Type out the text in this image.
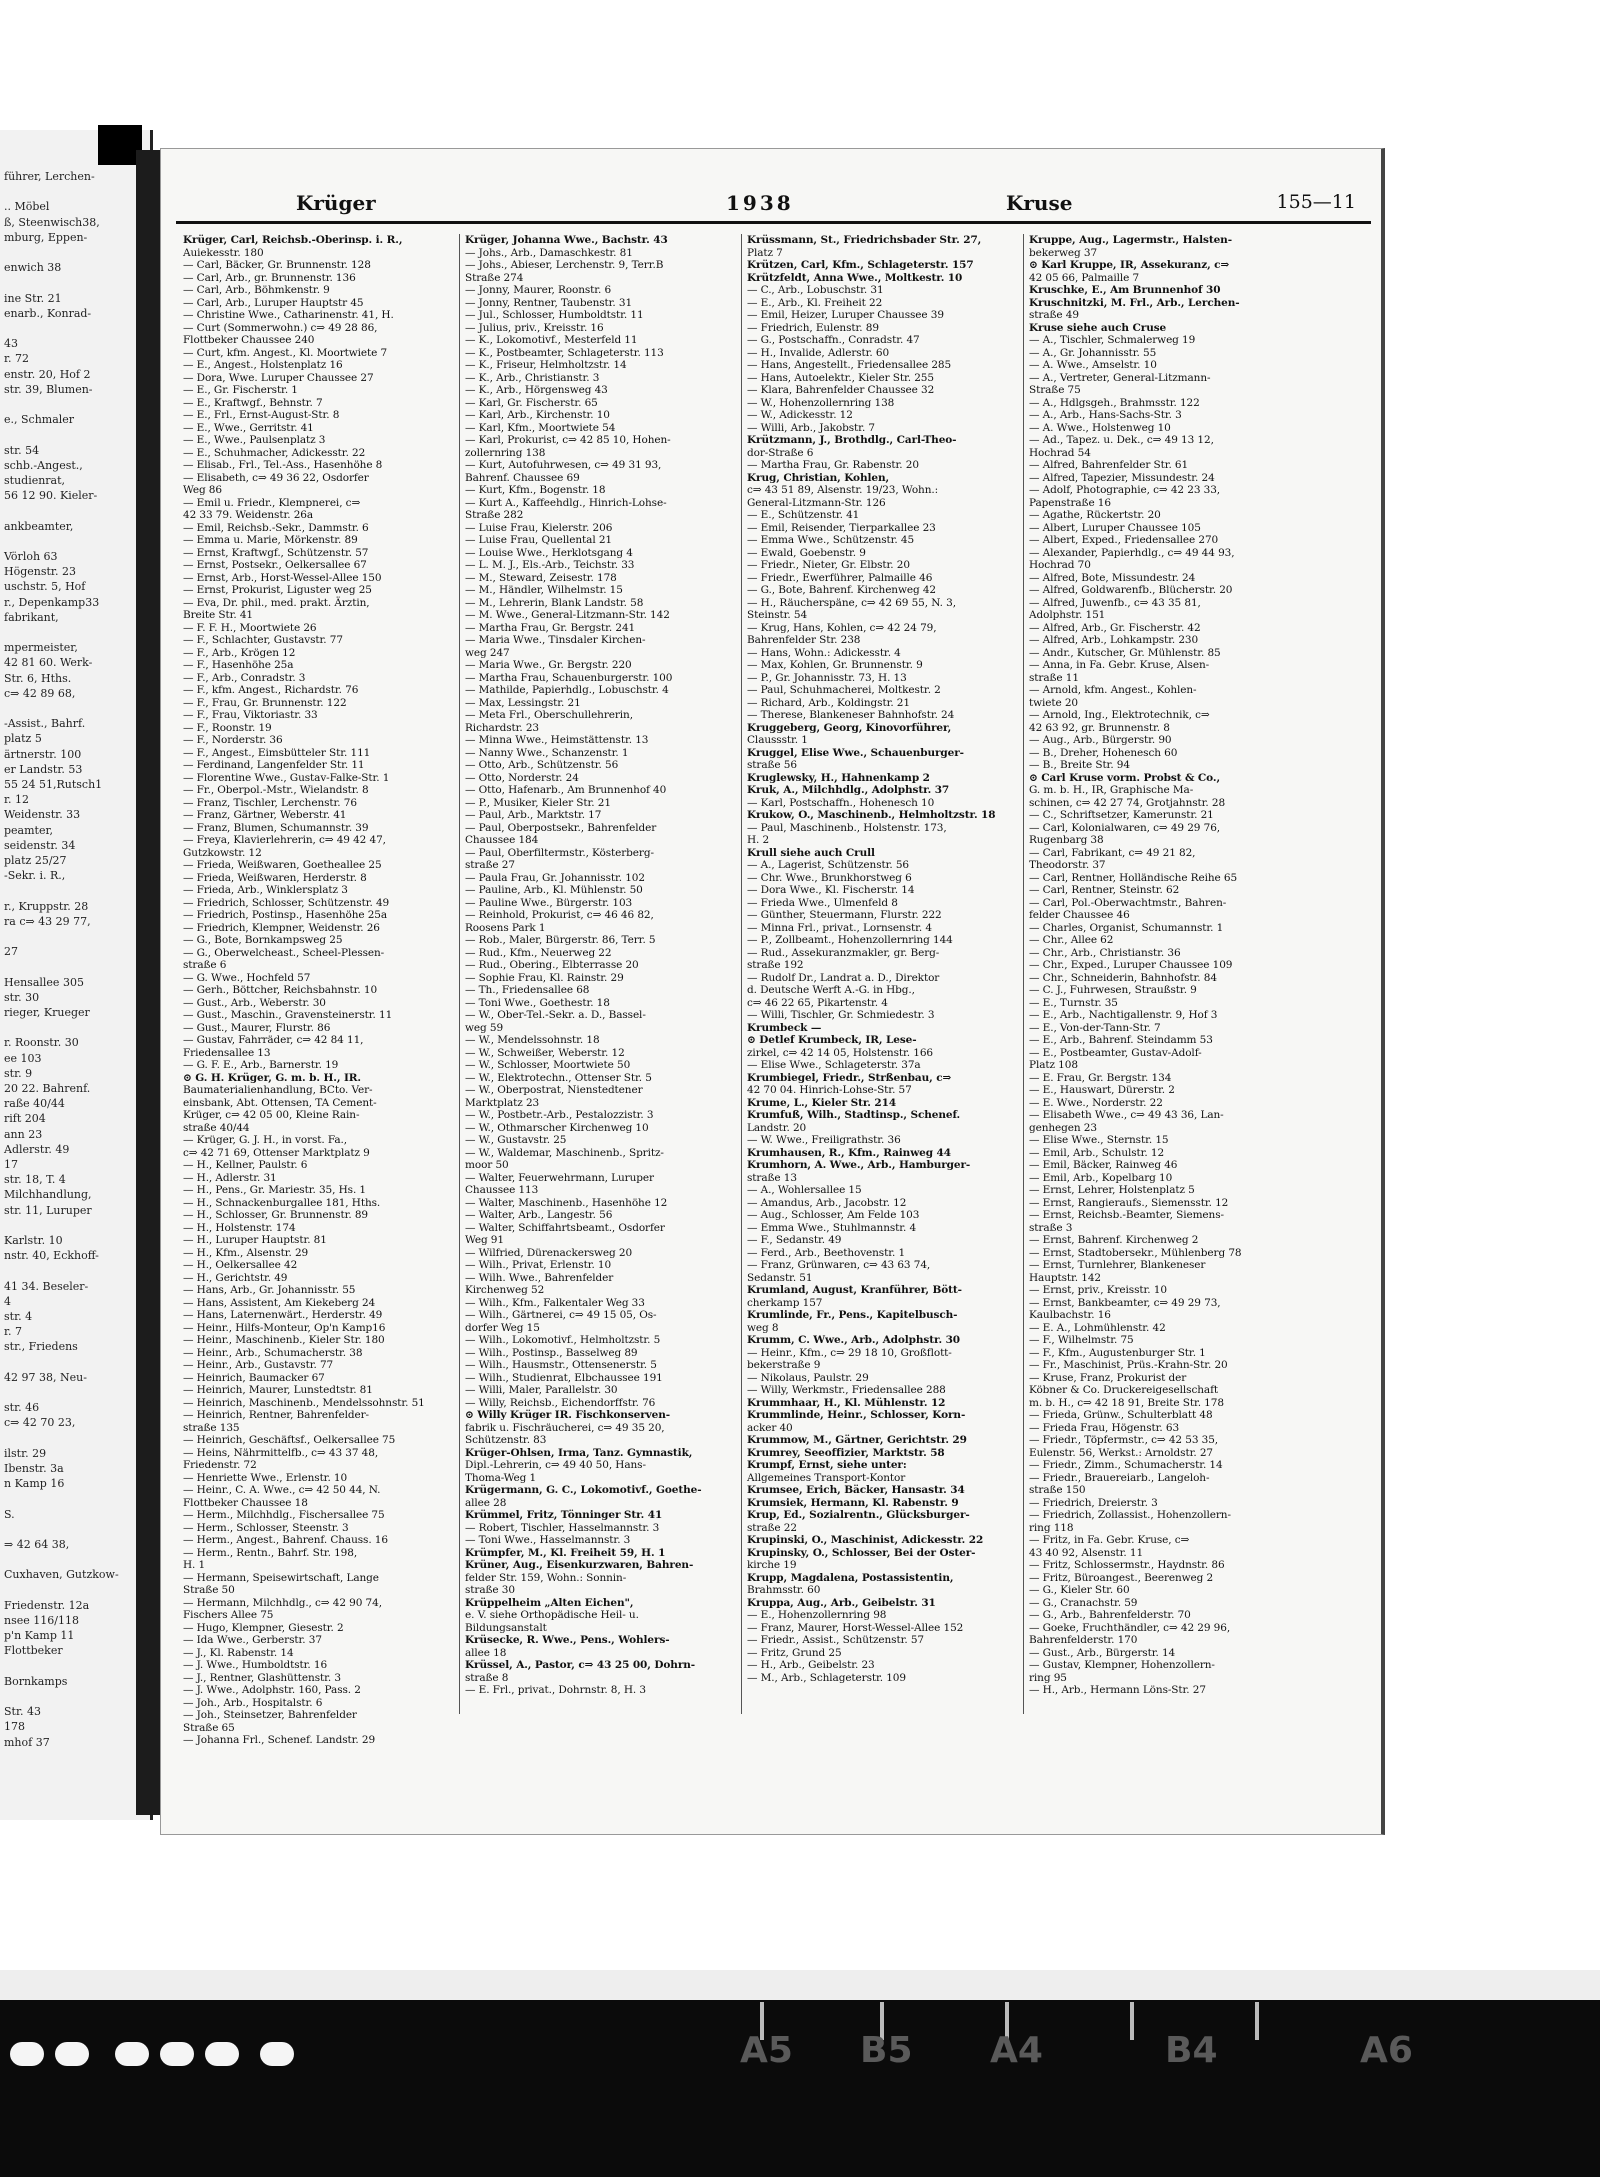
führer, Lerchen-
.. Möbel
ß, Steenwisch38,
mburg, Eppen-
enwich 38
ine Str. 21
enarb., Konrad-
43
r. 72
enstr. 20, Hof 2
str. 39, Blumen-
e., Schmaler
str. 54
schb.-Angest.,
studienrat,
56 12 90. Kieler-
ankbeamter,
Vörloh 63
Högenstr. 23
uschstr. 5, Hof
r., Depenkamp33
fabrikant,
mpermeister,
42 81 60. Werk-
Str. 6, Hths.
c⇒ 42 89 68,
-Assist., Bahrf.
platz 5
ärtnerstr. 100
er Landstr. 53
55 24 51,Rutsch1
r. 12
Weidenstr. 33
peamter,
seidenstr. 34
platz 25/27
-Sekr. i. R.,
r., Kruppstr. 28
ra c⇒ 43 29 77,
27
Hensallee 305
str. 30
rieger, Krueger
r. Roonstr. 30
ee 103
str. 9
20 22. Bahrenf.
raße 40/44
rift 204
ann 23
Adlerstr. 49
17
str. 18, T. 4
Milchhandlung,
str. 11, Luruper
Karlstr. 10
nstr. 40, Eckhoff-
41 34. Beseler-
4
str. 4
r. 7
str., Friedens
42 97 38, Neu-
str. 46
c⇒ 42 70 23,
ilstr. 29
Ibenstr. 3a
n Kamp 16
S.
⇒ 42 64 38,
Cuxhaven, Gutzkow-
Friedenstr. 12a
nsee 116/118
p'n Kamp 11
Flottbeker
Bornkamps
Str. 43
178
mhof 37
Krüger	1938	Kruse	155—11
Krüger, Carl, Reichsb.-Oberinsp. i. R.,
Auiekesstr. 180
— Carl, Bäcker, Gr. Brunnenstr. 128
— Carl, Arb., gr. Brunnenstr. 136
— Carl, Arb., Böhmkenstr. 9
— Carl, Arb., Luruper Hauptstr 45
— Christine Wwe., Catharinenstr. 41, H.
— Curt (Sommerwohn.) c⇒ 49 28 86,
Flottbeker Chaussee 240
— Curt, kfm. Angest., Kl. Moortwiete 7
— E., Angest., Holstenplatz 16
— Dora, Wwe. Luruper Chaussee 27
— E., Gr. Fischerstr. 1
— E., Kraftwgf., Behnstr. 7
— E., Frl., Ernst-August-Str. 8
— E., Wwe., Gerritstr. 41
— E., Wwe., Paulsenplatz 3
— E., Schuhmacher, Adickesstr. 22
— Elisab., Frl., Tel.-Ass., Hasenhöhe 8
— Elisabeth, c⇒ 49 36 22, Osdorfer
Weg 86
— Emil u. Friedr., Klempnerei, c⇒
42 33 79. Weidenstr. 26a
— Emil, Reichsb.-Sekr., Dammstr. 6
— Emma u. Marie, Mörkenstr. 89
— Ernst, Kraftwgf., Schützenstr. 57
— Ernst, Postsekr., Oelkersallee 67
— Ernst, Arb., Horst-Wessel-Allee 150
— Ernst, Prokurist, Liguster weg 25
— Eva, Dr. phil., med. prakt. Ärztin,
Breite Str. 41
— F. F. H., Moortwiete 26
— F., Schlachter, Gustavstr. 77
— F., Arb., Krögen 12
— F., Hasenhöhe 25a
— F., Arb., Conradstr. 3
— F., kfm. Angest., Richardstr. 76
— F., Frau, Gr. Brunnenstr. 122
— F., Frau, Viktoriastr. 33
— F., Roonstr. 19
— F., Norderstr. 36
— F., Angest., Eimsbütteler Str. 111
— Ferdinand, Langenfelder Str. 11
— Florentine Wwe., Gustav-Falke-Str. 1
— Fr., Oberpol.-Mstr., Wielandstr. 8
— Franz, Tischler, Lerchenstr. 76
— Franz, Gärtner, Weberstr. 41
— Franz, Blumen, Schumannstr. 39
— Freya, Klavierlehrerin, c⇒ 49 42 47,
Gutzkowstr. 12
— Frieda, Weißwaren, Goetheallee 25
— Frieda, Weißwaren, Herderstr. 8
— Frieda, Arb., Winklersplatz 3
— Friedrich, Schlosser, Schützenstr. 49
— Friedrich, Postinsp., Hasenhöhe 25a
— Friedrich, Klempner, Weidenstr. 26
— G., Bote, Bornkampsweg 25
— G., Oberwelcheast., Scheel-Plessen-
straße 6
— G. Wwe., Hochfeld 57
— Gerh., Böttcher, Reichsbahnstr. 10
— Gust., Arb., Weberstr. 30
— Gust., Maschin., Gravensteinerstr. 11
— Gust., Maurer, Flurstr. 86
— Gustav, Fahrräder, c⇒ 42 84 11,
Friedensallee 13
— G. F. E., Arb., Barnerstr. 19
⊙ G. H. Krüger, G. m. b. H., IR.
Baumaterialienhandlung, BCto. Ver-
einsbank, Abt. Ottensen, TA Cement-
Krüger, c⇒ 42 05 00, Kleine Rain-
straße 40/44
— Krüger, G. J. H., in vorst. Fa.,
c⇒ 42 71 69, Ottenser Marktplatz 9
— H., Kellner, Paulstr. 6
— H., Adlerstr. 31
— H., Pens., Gr. Mariestr. 35, Hs. 1
— H., Schnackenburgallee 181, Hths.
— H., Schlosser, Gr. Brunnenstr. 89
— H., Holstenstr. 174
— H., Luruper Hauptstr. 81
— H., Kfm., Alsenstr. 29
— H., Oelkersallee 42
— H., Gerichtstr. 49
— Hans, Arb., Gr. Johannisstr. 55
— Hans, Assistent, Am Kiekeberg 24
— Hans, Laternenwärt., Herderstr. 49
— Heinr., Hilfs-Monteur, Op'n Kamp16
— Heinr., Maschinenb., Kieler Str. 180
— Heinr., Arb., Schumacherstr. 38
— Heinr., Arb., Gustavstr. 77
— Heinrich, Baumacker 67
— Heinrich, Maurer, Lunstedtstr. 81
— Heinrich, Maschinenb., Mendelssohnstr. 51
— Heinrich, Rentner, Bahrenfelder-
straße 135
— Heinrich, Geschäftsf., Oelkersallee 75
— Heins, Nährmittelfb., c⇒ 43 37 48,
Friedenstr. 72
— Henriette Wwe., Erlenstr. 10
— Heinr., C. A. Wwe., c⇒ 42 50 44, N.
Flottbeker Chaussee 18
— Herm., Milchhdlg., Fischersallee 75
— Herm., Schlosser, Steenstr. 3
— Herm., Angest., Bahrenf. Chauss. 16
— Herm., Rentn., Bahrf. Str. 198,
H. 1
— Hermann, Speisewirtschaft, Lange
Straße 50
— Hermann, Milchhdlg., c⇒ 42 90 74,
Fischers Allee 75
— Hugo, Klempner, Giesestr. 2
— Ida Wwe., Gerberstr. 37
— J., Kl. Rabenstr. 14
— J. Wwe., Humboldtstr. 16
— J., Rentner, Glashüttenstr. 3
— J. Wwe., Adolphstr. 160, Pass. 2
— Joh., Arb., Hospitalstr. 6
— Joh., Steinsetzer, Bahrenfelder
Straße 65
— Johanna Frl., Schenef. Landstr. 29
Krüger, Johanna Wwe., Bachstr. 43
— Johs., Arb., Damaschkestr. 81
— Johs., Abieser, Lerchenstr. 9, Terr.B
Straße 274
— Jonny, Maurer, Roonstr. 6
— Jonny, Rentner, Taubenstr. 31
— Jul., Schlosser, Humboldtstr. 11
— Julius, priv., Kreisstr. 16
— K., Lokomotivf., Mesterfeld 11
— K., Postbeamter, Schlageterstr. 113
— K., Friseur, Helmholtzstr. 14
— K., Arb., Christianstr. 3
— K., Arb., Hörgensweg 43
— Karl, Gr. Fischerstr. 65
— Karl, Arb., Kirchenstr. 10
— Karl, Kfm., Moortwiete 54
— Karl, Prokurist, c⇒ 42 85 10, Hohen-
zollernring 138
— Kurt, Autofuhrwesen, c⇒ 49 31 93,
Bahrenf. Chaussee 69
— Kurt, Kfm., Bogenstr. 18
— Kurt A., Kaffeehdlg., Hinrich-Lohse-
Straße 282
— Luise Frau, Kielerstr. 206
— Luise Frau, Quellental 21
— Louise Wwe., Herklotsgang 4
— L. M. J., Els.-Arb., Teichstr. 33
— M., Steward, Zeisestr. 178
— M., Händler, Wilhelmstr. 15
— M., Lehrerin, Blank Landstr. 58
— M. Wwe., General-Litzmann-Str. 142
— Martha Frau, Gr. Bergstr. 241
— Maria Wwe., Tinsdaler Kirchen-
weg 247
— Maria Wwe., Gr. Bergstr. 220
— Martha Frau, Schauenburgerstr. 100
— Mathilde, Papierhdlg., Lobuschstr. 4
— Max, Lessingstr. 21
— Meta Frl., Oberschullehrerin,
Richardstr. 23
— Minna Wwe., Heimstättenstr. 13
— Nanny Wwe., Schanzenstr. 1
— Otto, Arb., Schützenstr. 56
— Otto, Norderstr. 24
— Otto, Hafenarb., Am Brunnenhof 40
— P., Musiker, Kieler Str. 21
— Paul, Arb., Marktstr. 17
— Paul, Oberpostsekr., Bahrenfelder
Chaussee 184
— Paul, Oberfiltermstr., Kösterberg-
straße 27
— Paula Frau, Gr. Johannisstr. 102
— Pauline, Arb., Kl. Mühlenstr. 50
— Pauline Wwe., Bürgerstr. 103
— Reinhold, Prokurist, c⇒ 46 46 82,
Roosens Park 1
— Rob., Maler, Bürgerstr. 86, Terr. 5
— Rud., Kfm., Neuerweg 22
— Rud., Obering., Elbterrasse 20
— Sophie Frau, Kl. Rainstr. 29
— Th., Friedensallee 68
— Toni Wwe., Goethestr. 18
— W., Ober-Tel.-Sekr. a. D., Bassel-
weg 59
— W., Mendelssohnstr. 18
— W., Schweißer, Weberstr. 12
— W., Schlosser, Moortwiete 50
— W., Elektrotechn., Ottenser Str. 5
— W., Oberpostrat, Nienstedtener
Marktplatz 23
— W., Postbetr.-Arb., Pestalozzistr. 3
— W., Othmarscher Kirchenweg 10
— W., Gustavstr. 25
— W., Waldemar, Maschinenb., Spritz-
moor 50
— Walter, Feuerwehrmann, Luruper
Chaussee 113
— Walter, Maschinenb., Hasenhöhe 12
— Walter, Arb., Langestr. 56
— Walter, Schiffahrtsbeamt., Osdorfer
Weg 91
— Wilfried, Dürenackersweg 20
— Wilh., Privat, Erlenstr. 10
— Wilh. Wwe., Bahrenfelder
Kirchenweg 52
— Wilh., Kfm., Falkentaler Weg 33
— Wilh., Gärtnerei, c⇒ 49 15 05, Os-
dorfer Weg 15
— Wilh., Lokomotivf., Helmholtzstr. 5
— Wilh., Postinsp., Basselweg 89
— Wilh., Hausmstr., Ottensenerstr. 5
— Wilh., Studienrat, Elbchaussee 191
— Willi, Maler, Parallelstr. 30
— Willy, Reichsb., Eichendorffstr. 76
⊙ Willy Krüger IR. Fischkonserven-
fabrik u. Fischräucherei, c⇒ 49 35 20,
Schützenstr. 83
Krüger-Ohlsen, Irma, Tanz. Gymnastik,
Dipl.-Lehrerin, c⇒ 49 40 50, Hans-
Thoma-Weg 1
Krügermann, G. C., Lokomotivf., Goethe-
allee 28
Krümmel, Fritz, Tönninger Str. 41
— Robert, Tischler, Hasselmannstr. 3
— Toni Wwe., Hasselmannstr. 3
Krümpfer, M., Kl. Freiheit 59, H. 1
Krüner, Aug., Eisenkurzwaren, Bahren-
felder Str. 159, Wohn.: Sonnin-
straße 30
Krüppelheim „Alten Eichen",
e. V. siehe Orthopädische Heil- u.
Bildungsanstalt
Krüsecke, R. Wwe., Pens., Wohlers-
allee 18
Krüssel, A., Pastor, c⇒ 43 25 00, Dohrn-
straße 8
— E. Frl., privat., Dohrnstr. 8, H. 3
Krüssmann, St., Friedrichsbader Str. 27,
Platz 7
Krützen, Carl, Kfm., Schlageterstr. 157
Krützfeldt, Anna Wwe., Moltkestr. 10
— C., Arb., Lobuschstr. 31
— E., Arb., Kl. Freiheit 22
— Emil, Heizer, Luruper Chaussee 39
— Friedrich, Eulenstr. 89
— G., Postschaffn., Conradstr. 47
— H., Invalide, Adlerstr. 60
— Hans, Angestellt., Friedensallee 285
— Hans, Autoelektr., Kieler Str. 255
— Klara, Bahrenfelder Chaussee 32
— W., Hohenzollernring 138
— W., Adickesstr. 12
— Willi, Arb., Jakobstr. 7
Krützmann, J., Brothdlg., Carl-Theo-
dor-Straße 6
— Martha Frau, Gr. Rabenstr. 20
Krug, Christian, Kohlen,
c⇒ 43 51 89, Alsenstr. 19/23, Wohn.:
General-Litzmann-Str. 126
— E., Schützenstr. 41
— Emil, Reisender, Tierparkallee 23
— Emma Wwe., Schützenstr. 45
— Ewald, Goebenstr. 9
— Friedr., Nieter, Gr. Elbstr. 20
— Friedr., Ewerführer, Palmaille 46
— G., Bote, Bahrenf. Kirchenweg 42
— H., Räucherspäne, c⇒ 42 69 55, N. 3,
Steinstr. 54
— Krug, Hans, Kohlen, c⇒ 42 24 79,
Bahrenfelder Str. 238
— Hans, Wohn.: Adickesstr. 4
— Max, Kohlen, Gr. Brunnenstr. 9
— P., Gr. Johannisstr. 73, H. 13
— Paul, Schuhmacherei, Moltkestr. 2
— Richard, Arb., Koldingstr. 21
— Therese, Blankeneser Bahnhofstr. 24
Kruggeberg, Georg, Kinovorführer,
Claussstr. 1
Kruggel, Elise Wwe., Schauenburger-
straße 56
Kruglewsky, H., Hahnenkamp 2
Kruk, A., Milchhdlg., Adolphstr. 37
— Karl, Postschaffn., Hohenesch 10
Krukow, O., Maschinenb., Helmholtzstr. 18
— Paul, Maschinenb., Holstenstr. 173,
H. 2
Krull siehe auch Crull
— A., Lagerist, Schützenstr. 56
— Chr. Wwe., Brunkhorstweg 6
— Dora Wwe., Kl. Fischerstr. 14
— Frieda Wwe., Ulmenfeld 8
— Günther, Steuermann, Flurstr. 222
— Minna Frl., privat., Lornsenstr. 4
— P., Zollbeamt., Hohenzollernring 144
— Rud., Assekuranzmakler, gr. Berg-
straße 192
— Rudolf Dr., Landrat a. D., Direktor
d. Deutsche Werft A.-G. in Hbg.,
c⇒ 46 22 65, Pikartenstr. 4
— Willi, Tischler, Gr. Schmiedestr. 3
Krumbeck —
⊙ Detlef Krumbeck, IR, Lese-
zirkel, c⇒ 42 14 05, Holstenstr. 166
— Elise Wwe., Schlageterstr. 37a
Krumbiegel, Friedr., Strßenbau, c⇒
42 70 04. Hinrich-Lohse-Str. 57
Krume, L., Kieler Str. 214
Krumfuß, Wilh., Stadtinsp., Schenef.
Landstr. 20
— W. Wwe., Freiligrathstr. 36
Krumhausen, R., Kfm., Rainweg 44
Krumhorn, A. Wwe., Arb., Hamburger-
straße 13
— A., Wohlersallee 15
— Amandus, Arb., Jacobstr. 12
— Aug., Schlosser, Am Felde 103
— Emma Wwe., Stuhlmannstr. 4
— F., Sedanstr. 49
— Ferd., Arb., Beethovenstr. 1
— Franz, Grünwaren, c⇒ 43 63 74,
Sedanstr. 51
Krumland, August, Kranführer, Bött-
cherkamp 157
Krumlinde, Fr., Pens., Kapitelbusch-
weg 8
Krumm, C. Wwe., Arb., Adolphstr. 30
— Heinr., Kfm., c⇒ 29 18 10, Großflott-
bekerstraße 9
— Nikolaus, Paulstr. 29
— Willy, Werkmstr., Friedensallee 288
Krummhaar, H., Kl. Mühlenstr. 12
Krummlinde, Heinr., Schlosser, Korn-
acker 40
Krummow, M., Gärtner, Gerichtstr. 29
Krumrey, Seeoffizier, Marktstr. 58
Krumpf, Ernst, siehe unter:
Allgemeines Transport-Kontor
Krumsee, Erich, Bäcker, Hansastr. 34
Krumsiek, Hermann, Kl. Rabenstr. 9
Krup, Ed., Sozialrentn., Glücksburger-
straße 22
Krupinski, O., Maschinist, Adickesstr. 22
Krupinsky, O., Schlosser, Bei der Oster-
kirche 19
Krupp, Magdalena, Postassistentin,
Brahmsstr. 60
Kruppa, Aug., Arb., Geibelstr. 31
— E., Hohenzollernring 98
— Franz, Maurer, Horst-Wessel-Allee 152
— Friedr., Assist., Schützenstr. 57
— Fritz, Grund 25
— H., Arb., Geibelstr. 23
— M., Arb., Schlageterstr. 109
Kruppe, Aug., Lagermstr., Halsten-
bekerweg 37
⊙ Karl Kruppe, IR, Assekuranz, c⇒
42 05 66, Palmaille 7
Kruschke, E., Am Brunnenhof 30
Kruschnitzki, M. Frl., Arb., Lerchen-
straße 49
Kruse siehe auch Cruse
— A., Tischler, Schmalerweg 19
— A., Gr. Johannisstr. 55
— A. Wwe., Amselstr. 10
— A., Vertreter, General-Litzmann-
Straße 75
— A., Hdlgsgeh., Brahmsstr. 122
— A., Arb., Hans-Sachs-Str. 3
— A. Wwe., Holstenweg 10
— Ad., Tapez. u. Dek., c⇒ 49 13 12,
Hochrad 54
— Alfred, Bahrenfelder Str. 61
— Alfred, Tapezier, Missundestr. 24
— Adolf, Photographie, c⇒ 42 23 33,
Papenstraße 16
— Agathe, Rückertstr. 20
— Albert, Luruper Chaussee 105
— Albert, Exped., Friedensallee 270
— Alexander, Papierhdlg., c⇒ 49 44 93,
Hochrad 70
— Alfred, Bote, Missundestr. 24
— Alfred, Goldwarenfb., Blücherstr. 20
— Alfred, Juwenfb., c⇒ 43 35 81,
Adolphstr. 151
— Alfred, Arb., Gr. Fischerstr. 42
— Alfred, Arb., Lohkampstr. 230
— Andr., Kutscher, Gr. Mühlenstr. 85
— Anna, in Fa. Gebr. Kruse, Alsen-
straße 11
— Arnold, kfm. Angest., Kohlen-
twiete 20
— Arnold, Ing., Elektrotechnik, c⇒
42 63 92, gr. Brunnenstr. 8
— Aug., Arb., Bürgerstr. 90
— B., Dreher, Hohenesch 60
— B., Breite Str. 94
⊙ Carl Kruse vorm. Probst & Co.,
G. m. b. H., IR, Graphische Ma-
schinen, c⇒ 42 27 74, Grotjahnstr. 28
— C., Schriftsetzer, Kamerunstr. 21
— Carl, Kolonialwaren, c⇒ 49 29 76,
Rugenbarg 38
— Carl, Fabrikant, c⇒ 49 21 82,
Theodorstr. 37
— Carl, Rentner, Holländische Reihe 65
— Carl, Rentner, Steinstr. 62
— Carl, Pol.-Oberwachtmstr., Bahren-
felder Chaussee 46
— Charles, Organist, Schumannstr. 1
— Chr., Allee 62
— Chr., Arb., Christianstr. 36
— Chr., Exped., Luruper Chaussee 109
— Chr., Schneiderin, Bahnhofstr. 84
— C. J., Fuhrwesen, Straußstr. 9
— E., Turnstr. 35
— E., Arb., Nachtigallenstr. 9, Hof 3
— E., Von-der-Tann-Str. 7
— E., Arb., Bahrenf. Steindamm 53
— E., Postbeamter, Gustav-Adolf-
Platz 108
— E. Frau, Gr. Bergstr. 134
— E., Hauswart, Dürerstr. 2
— E. Wwe., Norderstr. 22
— Elisabeth Wwe., c⇒ 49 43 36, Lan-
genhegen 23
— Elise Wwe., Sternstr. 15
— Emil, Arb., Schulstr. 12
— Emil, Bäcker, Rainweg 46
— Emil, Arb., Kopelbarg 10
— Ernst, Lehrer, Holstenplatz 5
— Ernst, Rangieraufs., Siemensstr. 12
— Ernst, Reichsb.-Beamter, Siemens-
straße 3
— Ernst, Bahrenf. Kirchenweg 2
— Ernst, Stadtobersekr., Mühlenberg 78
— Ernst, Turnlehrer, Blankeneser
Hauptstr. 142
— Ernst, priv., Kreisstr. 10
— Ernst, Bankbeamter, c⇒ 49 29 73,
Kaulbachstr. 16
— E. A., Lohmühlenstr. 42
— F., Wilhelmstr. 75
— F., Kfm., Augustenburger Str. 1
— Fr., Maschinist, Prüs.-Krahn-Str. 20
— Kruse, Franz, Prokurist der
Köbner & Co. Druckereigesellschaft
m. b. H., c⇒ 42 18 91, Breite Str. 178
— Frieda, Grünw., Schulterblatt 48
— Frieda Frau, Högenstr. 63
— Friedr., Töpfermstr., c⇒ 42 53 35,
Eulenstr. 56, Werkst.: Arnoldstr. 27
— Friedr., Zimm., Schumacherstr. 14
— Friedr., Brauereiarb., Langeloh-
straße 150
— Friedrich, Dreierstr. 3
— Friedrich, Zollassist., Hohenzollern-
ring 118
— Fritz, in Fa. Gebr. Kruse, c⇒
43 40 92, Alsenstr. 11
— Fritz, Schlossermstr., Haydnstr. 86
— Fritz, Büroangest., Beerenweg 2
— G., Kieler Str. 60
— G., Cranachstr. 59
— G., Arb., Bahrenfelderstr. 70
— Goeke, Fruchthändler, c⇒ 42 29 96,
Bahrenfelderstr. 170
— Gust., Arb., Bürgerstr. 14
— Gustav, Klempner, Hohenzollern-
ring 95
— H., Arb., Hermann Löns-Str. 27
A5 B5 A4	B4	A6
